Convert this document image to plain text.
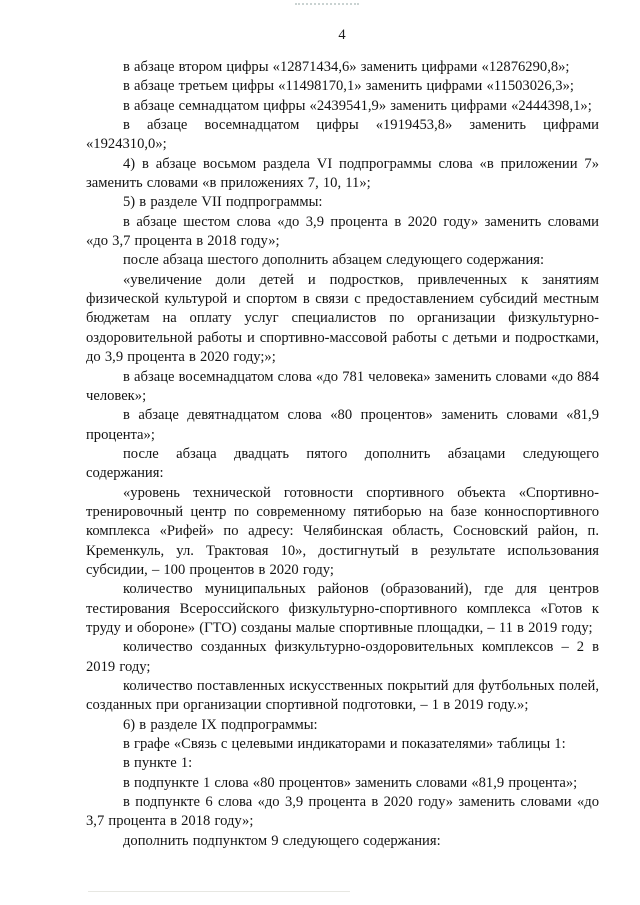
4

в абзаце втором цифры «12871434,6» заменить цифрами «12876290,8»;

в абзаце третьем цифры «11498170,1» заменить цифрами «11503026,3»;

в абзаце семнадцатом цифры «2439541,9» заменить цифрами «2444398,1»;

в абзаце восемнадцатом цифры «1919453,8» заменить цифрами «1924310,0»;

4) в абзаце восьмом раздела VI подпрограммы слова «в приложении 7» заменить словами «в приложениях 7, 10, 11»;

5) в разделе VII подпрограммы:

в абзаце шестом слова «до 3,9 процента в 2020 году» заменить словами «до 3,7 процента в 2018 году»;

после абзаца шестого дополнить абзацем следующего содержания:

«увеличение доли детей и подростков, привлеченных к занятиям физической культурой и спортом в связи с предоставлением субсидий местным бюджетам на оплату услуг специалистов по организации физкультурно-оздоровительной работы и спортивно-массовой работы с детьми и подростками, до 3,9 процента в 2020 году;»;

в абзаце восемнадцатом слова «до 781 человека» заменить словами «до 884 человек»;

в абзаце девятнадцатом слова «80 процентов» заменить словами «81,9 процента»;

после абзаца двадцать пятого дополнить абзацами следующего содержания:

«уровень технической готовности спортивного объекта «Спортивно-тренировочный центр по современному пятиборью на базе конноспортивного комплекса «Рифей» по адресу: Челябинская область, Сосновский район, п. Кременкуль, ул. Трактовая 10», достигнутый в результате использования субсидии, – 100 процентов в 2020 году;

количество муниципальных районов (образований), где для центров тестирования Всероссийского физкультурно-спортивного комплекса «Готов к труду и обороне» (ГТО) созданы малые спортивные площадки, – 11 в 2019 году;

количество созданных физкультурно-оздоровительных комплексов – 2 в 2019 году;

количество поставленных искусственных покрытий для футбольных полей, созданных при организации спортивной подготовки, – 1 в 2019 году.»;

6) в разделе IX подпрограммы:

в графе «Связь с целевыми индикаторами и показателями» таблицы 1:

в пункте 1:

в подпункте 1 слова «80 процентов» заменить словами «81,9 процента»;

в подпункте 6 слова «до 3,9 процента в 2020 году» заменить словами «до 3,7 процента в 2018 году»;

дополнить подпунктом 9 следующего содержания:
